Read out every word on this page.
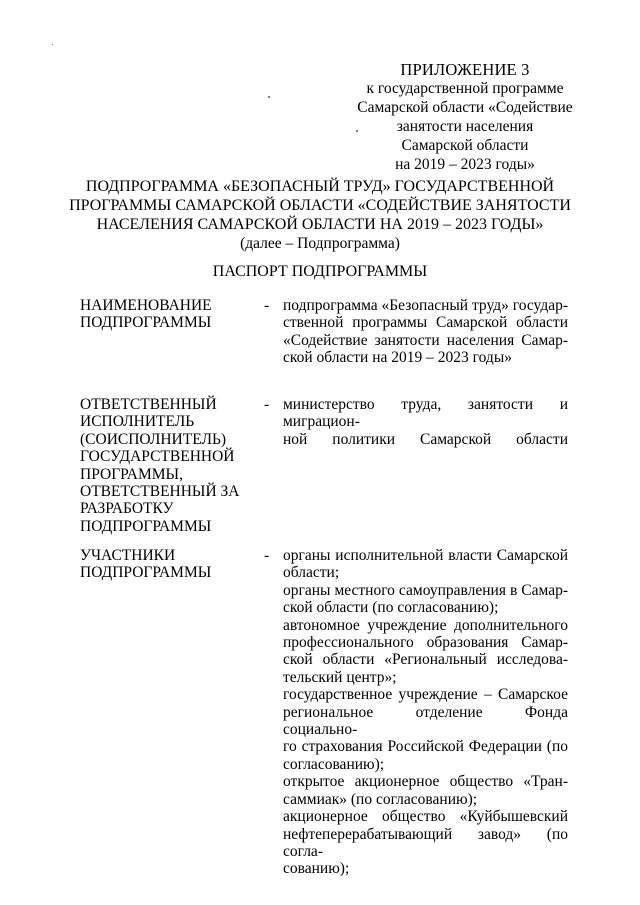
ПРИЛОЖЕНИЕ 3
к государственной программе
Самарской области «Содействие
занятости населения
Самарской области
на 2019 – 2023 годы»
ПОДПРОГРАММА «БЕЗОПАСНЫЙ ТРУД» ГОСУДАРСТВЕННОЙ
ПРОГРАММЫ САМАРСКОЙ ОБЛАСТИ «СОДЕЙСТВИЕ ЗАНЯТОСТИ
НАСЕЛЕНИЯ САМАРСКОЙ ОБЛАСТИ НА 2019 – 2023 ГОДЫ»
(далее – Подпрограмма)
ПАСПОРТ ПОДПРОГРАММЫ
НАИМЕНОВАНИЕ
ПОДПРОГРАММЫ
- подпрограмма «Безопасный труд» государ-

ственной программы Самарской области

«Содействие занятости населения Самар-

ской области на 2019 – 2023 годы»

ОТВЕТСТВЕННЫЙ
ИСПОЛНИТЕЛЬ
(СОИСПОЛНИТЕЛЬ)
ГОСУДАРСТВЕННОЙ
ПРОГРАММЫ,
ОТВЕТСТВЕННЫЙ ЗА
РАЗРАБОТКУ
ПОДПРОГРАММЫ
- министерство труда, занятости и миграцион-

ной политики Самарской области

УЧАСТНИКИ
ПОДПРОГРАММЫ
- органы исполнительной власти Самарской

области;

органы местного самоуправления в Самар-

ской области (по согласованию);

автономное учреждение дополнительного

профессионального образования Самар-

ской области «Региональный исследова-

тельский центр»;

государственное учреждение – Самарское

региональное отделение Фонда социально-

го страхования Российской Федерации (по

согласованию);

открытое акционерное общество «Тран-

саммиак» (по согласованию);

акционерное общество «Куйбышевский

нефтеперерабатывающий завод» (по согла-

сованию);
